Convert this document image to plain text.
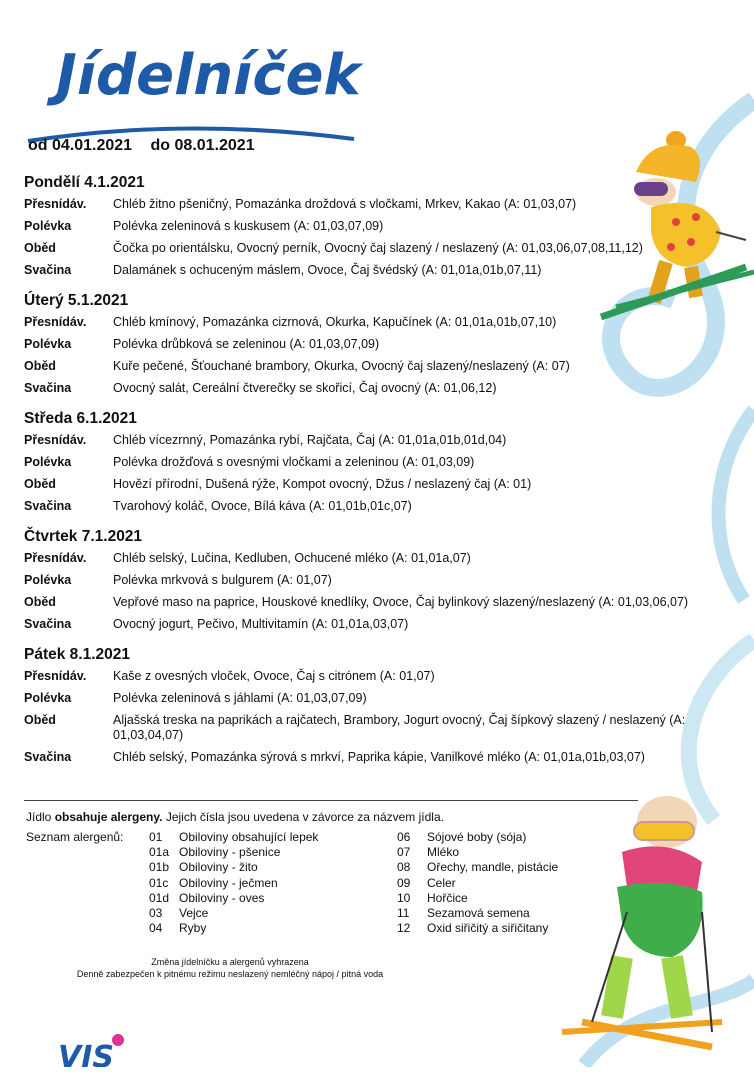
Jídelníček
od 04.01.2021 do 08.01.2021
Pondělí 4.1.2021
Přesnídáv.	Chléb žitno pšeničný, Pomazánka droždová s vločkami, Mrkev, Kakao (A: 01,03,07)
Polévka	Polévka zeleninová s kuskusem (A: 01,03,07,09)
Oběd	Čočka po orientálsku, Ovocný perník, Ovocný čaj slazený / neslazený (A: 01,03,06,07,08,11,12)
Svačina	Dalamánek s ochuceným máslem, Ovoce, Čaj švédský (A: 01,01a,01b,07,11)
Úterý 5.1.2021
Přesnídáv.	Chléb kmínový, Pomazánka cizrnová, Okurka, Kapučínek (A: 01,01a,01b,07,10)
Polévka	Polévka drůbková se zeleninou (A: 01,03,07,09)
Oběd	Kuře pečené, Šťouchané brambory, Okurka, Ovocný čaj slazený/neslazený (A: 07)
Svačina	Ovocný salát, Cereální čtverečky se skořicí, Čaj ovocný (A: 01,06,12)
Středa 6.1.2021
Přesnídáv.	Chléb vícezrnný, Pomazánka rybí, Rajčata, Čaj (A: 01,01a,01b,01d,04)
Polévka	Polévka drožďová s ovesnými vločkami a zeleninou (A: 01,03,09)
Oběd	Hovězí přírodní, Dušená rýže, Kompot ovocný, Džus / neslazený čaj (A: 01)
Svačina	Tvarohový koláč, Ovoce, Bílá káva (A: 01,01b,01c,07)
Čtvrtek 7.1.2021
Přesnídáv.	Chléb selský, Lučina, Kedluben, Ochucené mléko (A: 01,01a,07)
Polévka	Polévka mrkvová s bulgurem (A: 01,07)
Oběd	Vepřové maso na paprice, Houskové knedlíky, Ovoce, Čaj bylinkový slazený/neslazený (A: 01,03,06,07)
Svačina	Ovocný jogurt, Pečivo, Multivitamín (A: 01,01a,03,07)
Pátek 8.1.2021
Přesnídáv.	Kaše z ovesných vloček, Ovoce, Čaj s citrónem (A: 01,07)
Polévka	Polévka zeleninová s jáhlami (A: 01,03,07,09)
Oběd	Aljašská treska na paprikách a rajčatech, Brambory, Jogurt ovocný, Čaj šípkový slazený / neslazený (A: 01,03,04,07)
Svačina	Chléb selský, Pomazánka sýrová s mrkví, Paprika kápie, Vanilkové mléko (A: 01,01a,01b,03,07)
Jídlo obsahuje alergeny. Jejich čísla jsou uvedena v závorce za názvem jídla.
Seznam alergenů: 01 Obiloviny obsahující lepek
01a Obiloviny - pšenice
01b Obiloviny - žito
01c Obiloviny - ječmen
01d Obiloviny - oves
03 Vejce
04 Ryby
06 Sójové boby (sója)
07 Mléko
08 Ořechy, mandle, pistácie
09 Celer
10 Hořčice
11 Sezamová semena
12 Oxid siřičitý a siřičitany
Změna jídelníčku a alergenů vyhrazena
Denně zabezpečen k pitnému režimu neslazený nemléčný nápoj / pitná voda
VIS
